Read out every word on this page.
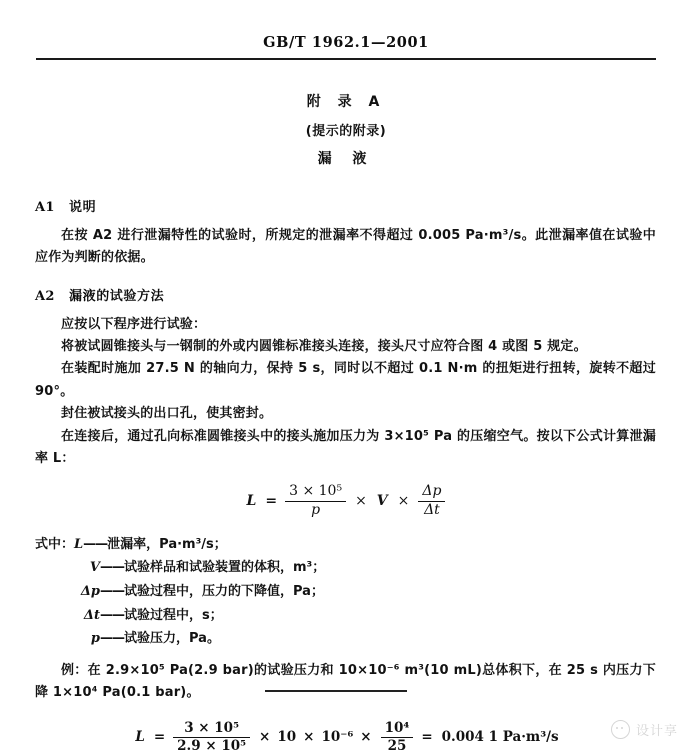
GB/T 1962.1—2001
附 录 A
(提示的附录)
漏 液
A1 说明
在按 A2 进行泄漏特性的试验时，所规定的泄漏率不得超过 0.005 Pa·m³/s。此泄漏率值在试验中应作为判断的依据。
A2 漏液的试验方法
应按以下程序进行试验：
将被试圆锥接头与一钢制的外或内圆锥标准接头连接，接头尺寸应符合图 4 或图 5 规定。
在装配时施加 27.5 N 的轴向力，保持 5 s，同时以不超过 0.1 N·m 的扭矩进行扭转，旋转不超过 90°。
封住被试接头的出口孔，使其密封。
在连接后，通过孔向标准圆锥接头中的接头施加压力为 3×10⁵ Pa 的压缩空气。按以下公式计算泄漏率 L：
$L = \frac{\text{3 × 10⁵}}{p} \times V \times \frac{\Delta p}{\Delta t}$
式中：L——泄漏率，Pa·m³/s；
V——试验样品和试验装置的体积，m³；
Δp——试验过程中，压力的下降值，Pa；
Δt——试验过程中，s；
p——试验压力，Pa。
例：在 2.9×10⁵ Pa(2.9 bar)的试验压力和 10×10⁻⁶ m³(10 mL)总体积下，在 25 s 内压力下降 1×10⁴ Pa(0.1 bar)。
$L = \frac{\text{3 × 10⁵}}{\text{2.9 × 10⁵}} \times 10 \times 10^{-6} \times \frac{\text{10⁴}}{25} = 0.004$ 1 Pa·m³/s	设计享
